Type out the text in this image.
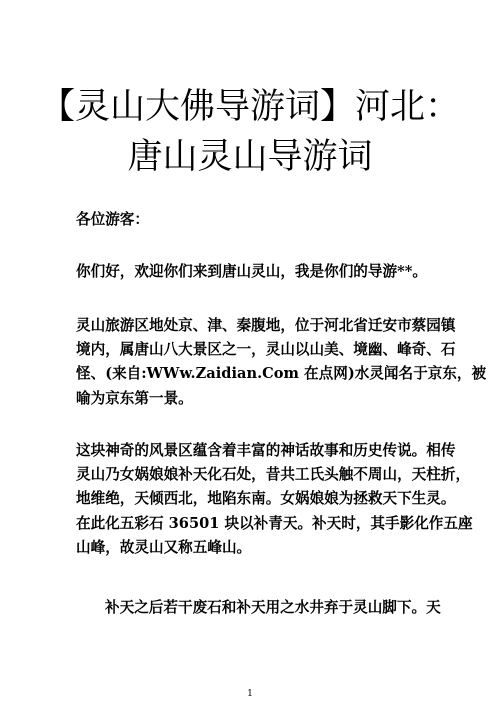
【灵山大佛导游词】河北：
唐山灵山导游词

各位游客：

你们好，欢迎你们来到唐山灵山，我是你们的导游**。

灵山旅游区地处京、津、秦腹地，位于河北省迁安市蔡园镇
境内，属唐山八大景区之一，灵山以山美、境幽、峰奇、石
怪、(来自:WWw.Zaidian.Com 在点网)水灵闻名于京东，被
喻为京东第一景。

这块神奇的风景区蕴含着丰富的神话故事和历史传说。相传
灵山乃女娲娘娘补天化石处，昔共工氏头触不周山，天柱折，
地维绝，天倾西北，地陷东南。女娲娘娘为拯救天下生灵。
在此化五彩石 36501 块以补青天。补天时，其手影化作五座
山峰，故灵山又称五峰山。

补天之后若干废石和补天用之水井弃于灵山脚下。天

1
